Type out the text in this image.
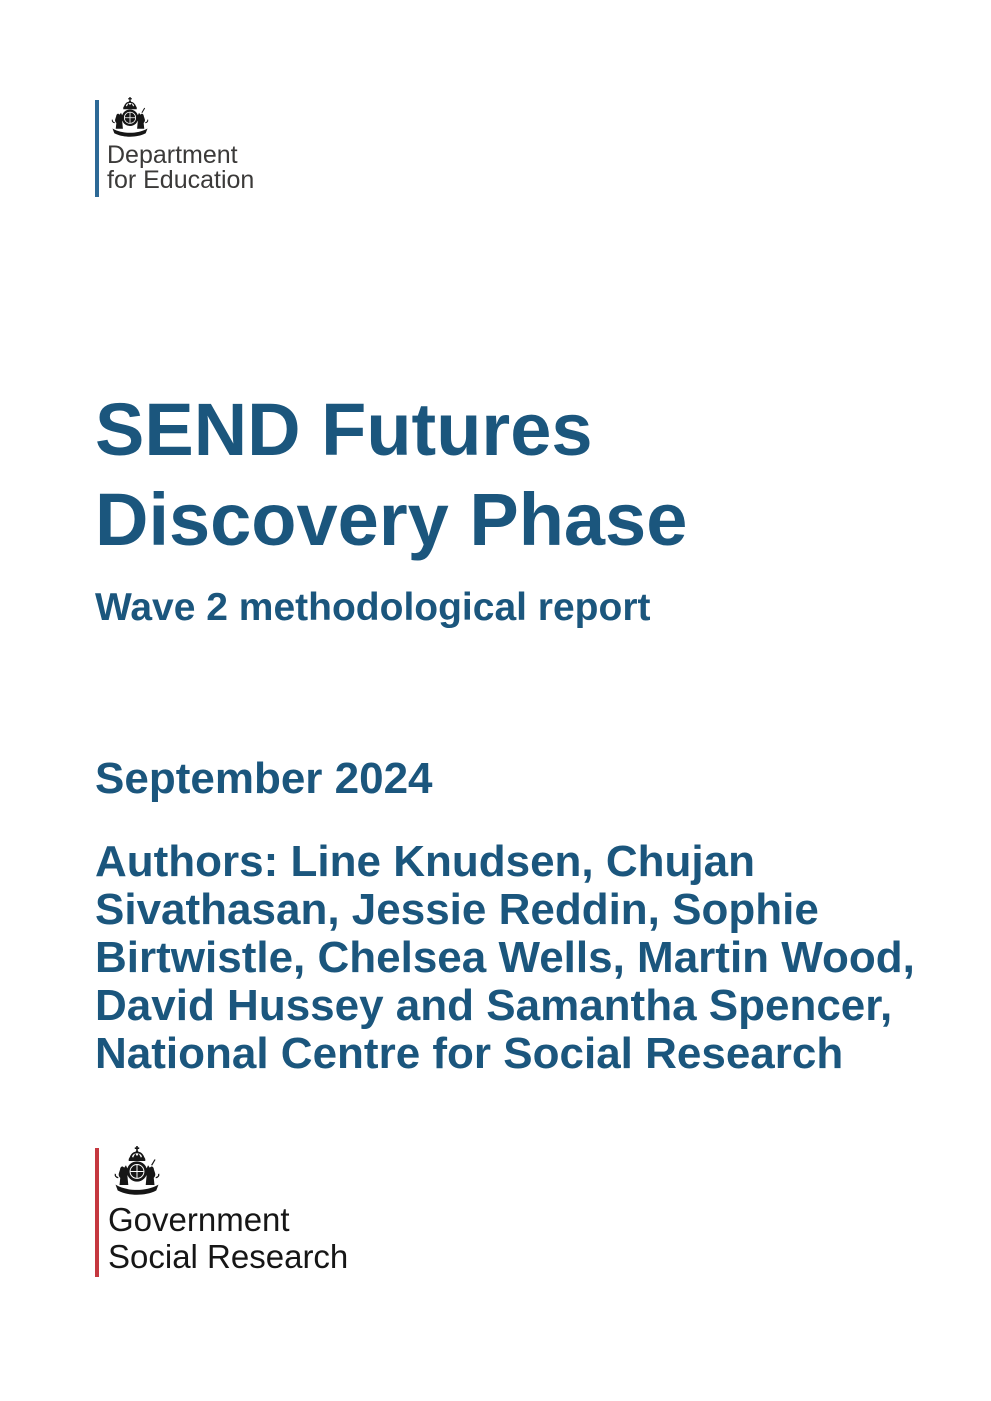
Department
for Education
SEND Futures Discovery Phase
Wave 2 methodological report

September 2024

Authors: Line Knudsen, Chujan Sivathasan, Jessie Reddin, Sophie Birtwistle, Chelsea Wells, Martin Wood, David Hussey and Samantha Spencer, National Centre for Social Research

Government
Social Research
